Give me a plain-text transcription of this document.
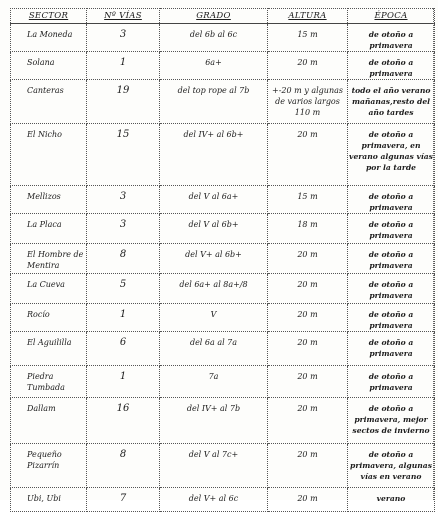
SECTOR	Nº VÍAS	GRADO	ALTURA	ÉPOCA
La Moneda	3	del 6b al 6c	15 m	de otoño a primavera
Solana	1	6a+	20 m	de otoño a primavera
Canteras	19	del top rope al 7b	+-20 m y algunas de varios largos 110 m	todo el año verano mañanas,resto del año tardes
El Nicho	15	del IV+ al 6b+	20 m	de otoño a primavera, en verano algunas vías por la tarde
Mellizos	3	del V al 6a+	15 m	de otoño a primavera
La Placa	3	del V al 6b+	18 m	de otoño a primavera
El Hombre de Mentira	8	del V+ al 6b+	20 m	de otoño a primavera
La Cueva	5	del 6a+ al 8a+/8	20 m	de otoño a primavera
Rocío	1	V	20 m	de otoño a primavera
El Aguililla	6	del 6a al 7a	20 m	de otoño a primavera
Piedra Tumbada	1	7a	20 m	de otoño a primavera
Dallam	16	del IV+ al 7b	20 m	de otoño a primavera, mejor sectos de invierno
Pequeño Pizarrín	8	del V al 7c+	20 m	de otoño a primavera, algunas vías en verano
Ubi, Ubi	7	del V+ al 6c	20 m	verano
